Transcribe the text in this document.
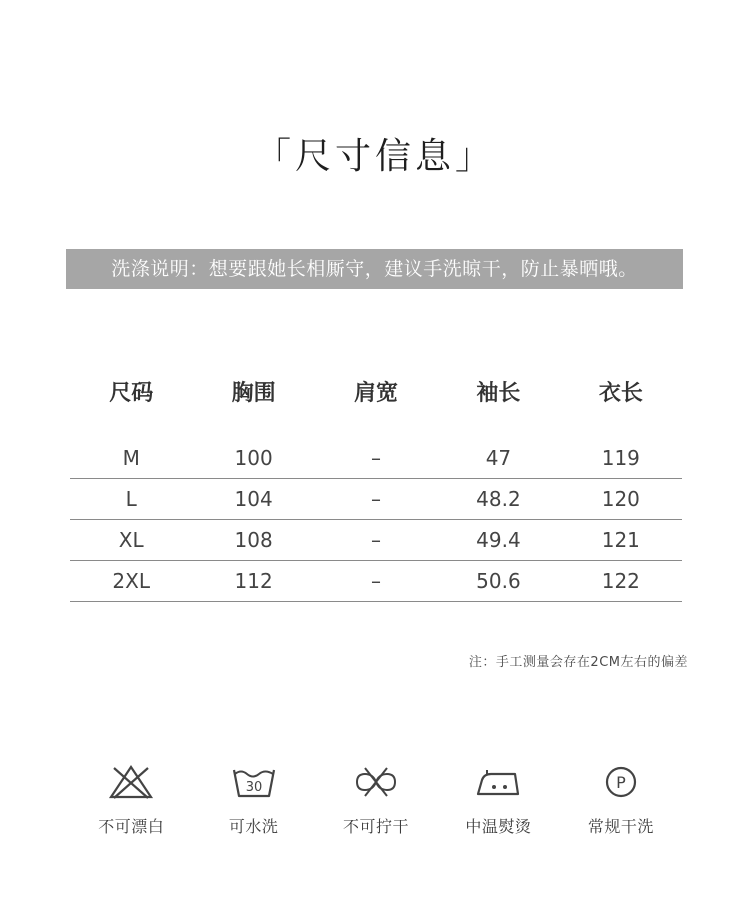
「尺寸信息」
洗涤说明：想要跟她长相厮守，建议手洗晾干，防止暴晒哦。
尺码	胸围	肩宽	袖长	衣长
M	100	–	47	119
L	104	–	48.2	120
XL	108	–	49.4	121
2XL	112	–	50.6	122
注：手工测量会存在2CM左右的偏差
不可漂白
30
可水洗	不可拧干	中温熨烫
P
常规干洗
